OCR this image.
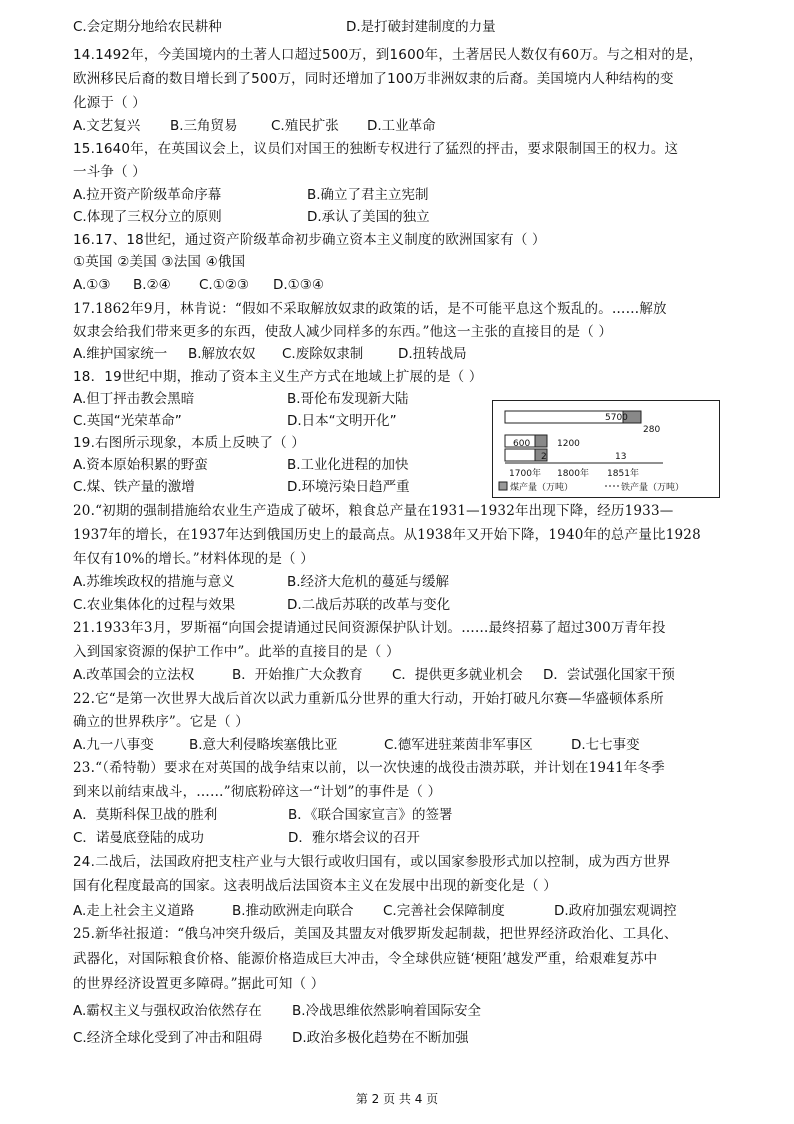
C.会定期分地给农民耕种	D.是打破封建制度的力量
14.1492年，今美国境内的土著人口超过500万，到1600年，土著居民人数仅有60万。与之相对的是，
欧洲移民后裔的数目增长到了500万，同时还增加了100万非洲奴隶的后裔。美国境内人种结构的变
化源于（ ）
A.文艺复兴 B.三角贸易 C.殖民扩张 D.工业革命
15.1640年，在英国议会上，议员们对国王的独断专权进行了猛烈的抨击，要求限制国王的权力。这
一斗争（ ）
A.拉开资产阶级革命序幕	B.确立了君主立宪制
C.体现了三权分立的原则	D.承认了美国的独立
16.17、18世纪，通过资产阶级革命初步确立资本主义制度的欧洲国家有（ ）
①英国 ②美国 ③法国 ④俄国
A.①③ B.②④ C.①②③ D.①③④
17.1862年9月，林肯说：“假如不采取解放奴隶的政策的话，是不可能平息这个叛乱的。……解放
奴隶会给我们带来更多的东西，使敌人减少同样多的东西。”他这一主张的直接目的是（ ）
A.维护国家统一 B.解放农奴 C.废除奴隶制	D.扭转战局
18．19世纪中期，推动了资本主义生产方式在地域上扩展的是（ ）
A.但丁抨击教会黑暗	B.哥伦布发现新大陆
C.英国“光荣革命”	D.日本“文明开化”
19.右图所示现象，本质上反映了（ ）
A.资本原始积累的野蛮	B.工业化进程的加快
C.煤、铁产量的激增	D.环境污染日趋严重
600	1200
5700
280
13
2
1700年 1800年 1851年
煤产量（万吨）	铁产量（万吨）
20.“初期的强制措施给农业生产造成了破坏，粮食总产量在1931—1932年出现下降，经历1933—
1937年的增长，在1937年达到俄国历史上的最高点。从1938年又开始下降，1940年的总产量比1928
年仅有10%的增长。”材料体现的是（ ）
A.苏维埃政权的措施与意义	B.经济大危机的蔓延与缓解
C.农业集体化的过程与效果	D.二战后苏联的改革与变化
21.1933年3月，罗斯福“向国会提请通过民间资源保护队计划。……最终招募了超过300万青年投
入到国家资源的保护工作中”。此举的直接目的是（ ）
A.改革国会的立法权	B．开始推广大众教育 C．提供更多就业机会 D．尝试强化国家干预
22.它“是第一次世界大战后首次以武力重新瓜分世界的重大行动，开始打破凡尔赛—华盛顿体系所
确立的世界秩序”。它是（ ）
A.九一八事变	B.意大利侵略埃塞俄比亚	C.德军进驻莱茵非军事区	D.七七事变
23.“（希特勒）要求在对英国的战争结束以前，以一次快速的战役击溃苏联，并计划在1941年冬季
到来以前结束战斗，……”彻底粉碎这一“计划”的事件是（ ）
A．莫斯科保卫战的胜利	B．《联合国家宣言》的签署
C．诺曼底登陆的成功	D．雅尔塔会议的召开
24.二战后，法国政府把支柱产业与大银行或收归国有，或以国家参股形式加以控制，成为西方世界
国有化程度最高的国家。这表明战后法国资本主义在发展中出现的新变化是（ ）
A.走上社会主义道路	B.推动欧洲走向联合 C.完善社会保障制度	D.政府加强宏观调控
25.新华社报道：“俄乌冲突升级后，美国及其盟友对俄罗斯发起制裁，把世界经济政治化、工具化、
武器化，对国际粮食价格、能源价格造成巨大冲击，令全球供应链‘梗阻’越发严重，给艰难复苏中
的世界经济设置更多障碍。”据此可知（ ）
A.霸权主义与强权政治依然存在 B.冷战思维依然影响着国际安全
C.经济全球化受到了冲击和阻碍 D.政治多极化趋势在不断加强
第 2 页 共 4 页
